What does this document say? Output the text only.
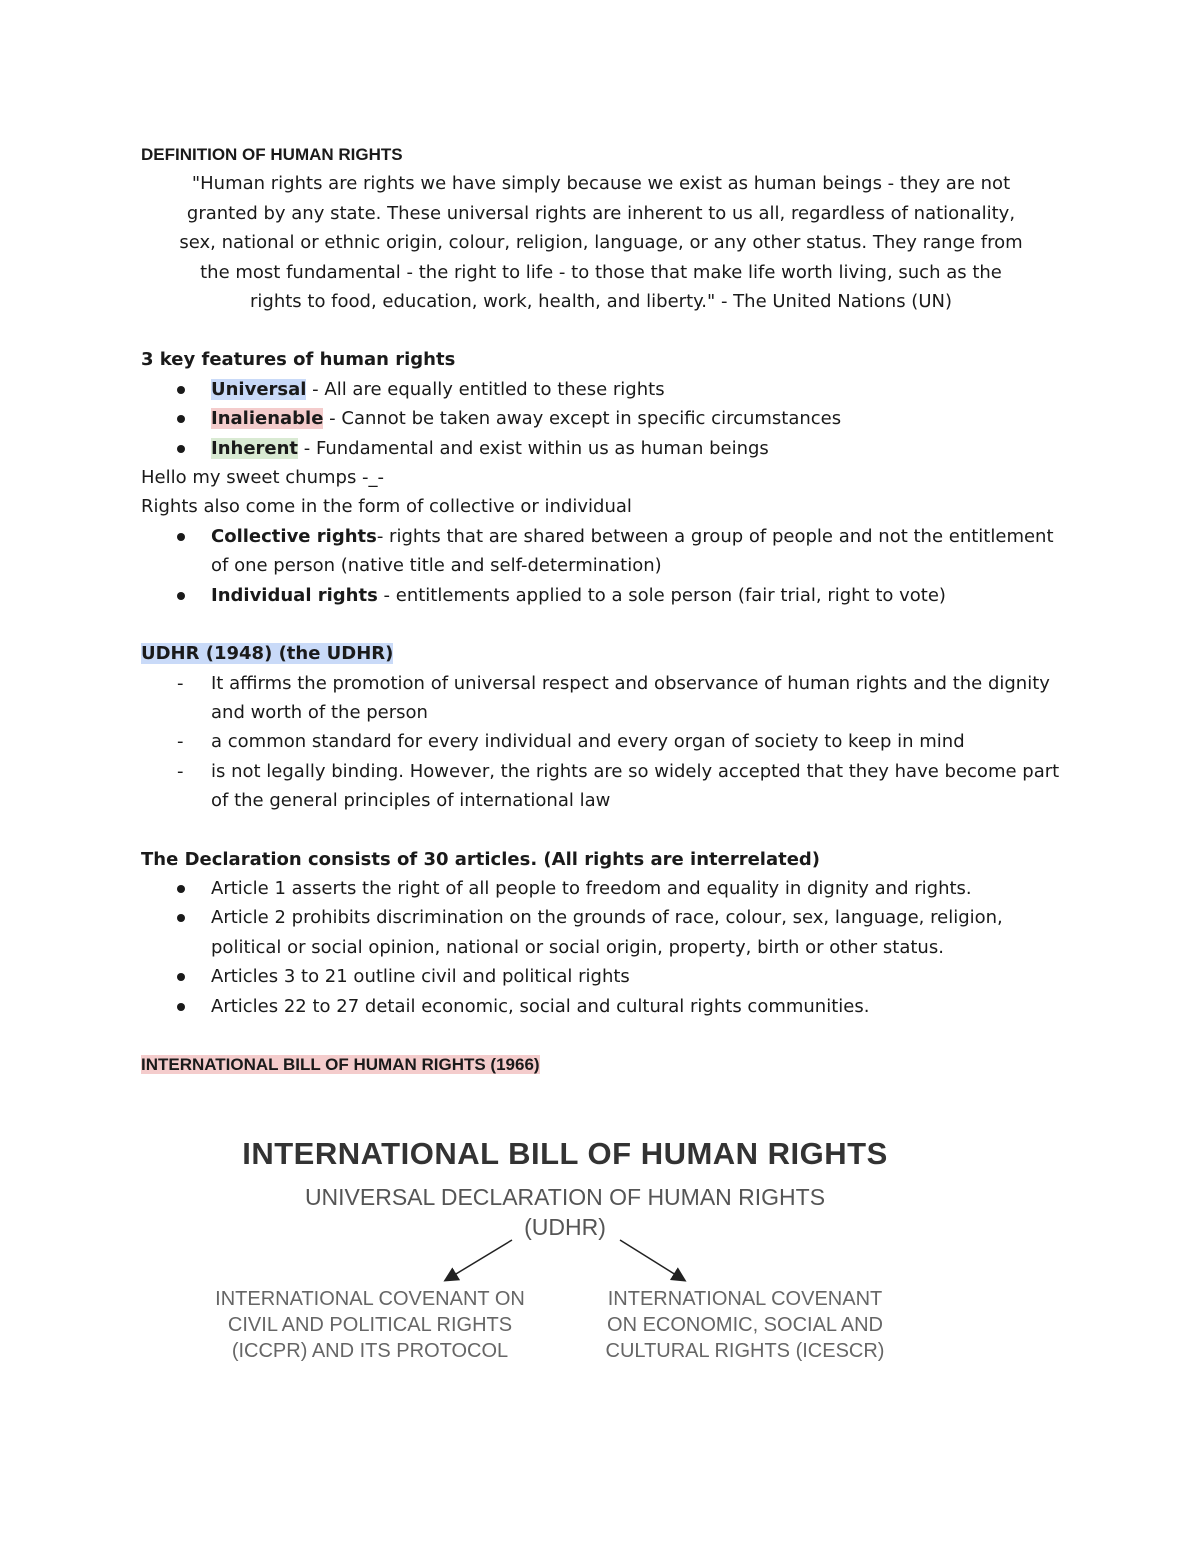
DEFINITION OF HUMAN RIGHTS

"Human rights are rights we have simply because we exist as human beings - they are not
granted by any state. These universal rights are inherent to us all, regardless of nationality,
sex, national or ethnic origin, colour, religion, language, or any other status. They range from
the most fundamental - the right to life - to those that make life worth living, such as the
rights to food, education, work, health, and liberty." - The United Nations (UN)

3 key features of human rights

Universal - All are equally entitled to these rights
Inalienable - Cannot be taken away except in specific circumstances
Inherent - Fundamental and exist within us as human beings

Hello my sweet chumps -_-

Rights also come in the form of collective or individual

Collective rights- rights that are shared between a group of people and not the entitlement of one person (native title and self-determination)
Individual rights - entitlements applied to a sole person (fair trial, right to vote)

UDHR (1948) (the UDHR)

- It affirms the promotion of universal respect and observance of human rights and the dignity and worth of the person
- a common standard for every individual and every organ of society to keep in mind
- is not legally binding. However, the rights are so widely accepted that they have become part of the general principles of international law

The Declaration consists of 30 articles. (All rights are interrelated)

Article 1 asserts the right of all people to freedom and equality in dignity and rights.
Article 2 prohibits discrimination on the grounds of race, colour, sex, language, religion, political or social opinion, national or social origin, property, birth or other status.
Articles 3 to 21 outline civil and political rights
Articles 22 to 27 detail economic, social and cultural rights communities.

INTERNATIONAL BILL OF HUMAN RIGHTS (1966)

INTERNATIONAL BILL OF HUMAN RIGHTS
UNIVERSAL DECLARATION OF HUMAN RIGHTS
(UDHR)
INTERNATIONAL COVENANT ON
CIVIL AND POLITICAL RIGHTS
(ICCPR) AND ITS PROTOCOL
INTERNATIONAL COVENANT
ON ECONOMIC, SOCIAL AND
CULTURAL RIGHTS (ICESCR)
